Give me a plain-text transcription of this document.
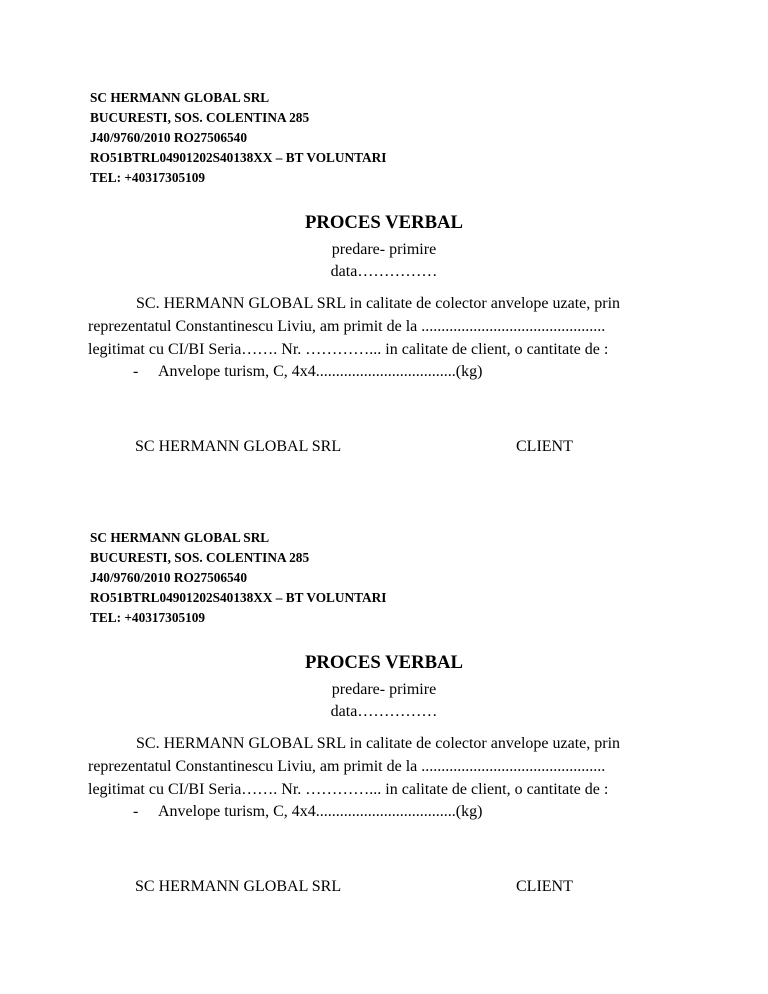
SC HERMANN GLOBAL SRL
BUCURESTI, SOS. COLENTINA 285
J40/9760/2010 RO27506540
RO51BTRL04901202S40138XX – BT VOLUNTARI
TEL: +40317305109
PROCES VERBAL
predare- primire
data……………
SC. HERMANN GLOBAL SRL in calitate de colector anvelope uzate, prin
reprezentatul Constantinescu Liviu, am primit de la ..............................................
legitimat cu CI/BI Seria……. Nr. …………... in calitate de client, o cantitate de :
- Anvelope turism, C, 4x4...................................(kg)
SC HERMANN GLOBAL SRL	CLIENT
SC HERMANN GLOBAL SRL
BUCURESTI, SOS. COLENTINA 285
J40/9760/2010 RO27506540
RO51BTRL04901202S40138XX – BT VOLUNTARI
TEL: +40317305109
PROCES VERBAL
predare- primire
data……………
SC. HERMANN GLOBAL SRL in calitate de colector anvelope uzate, prin
reprezentatul Constantinescu Liviu, am primit de la ..............................................
legitimat cu CI/BI Seria……. Nr. …………... in calitate de client, o cantitate de :
- Anvelope turism, C, 4x4...................................(kg)
SC HERMANN GLOBAL SRL	CLIENT
